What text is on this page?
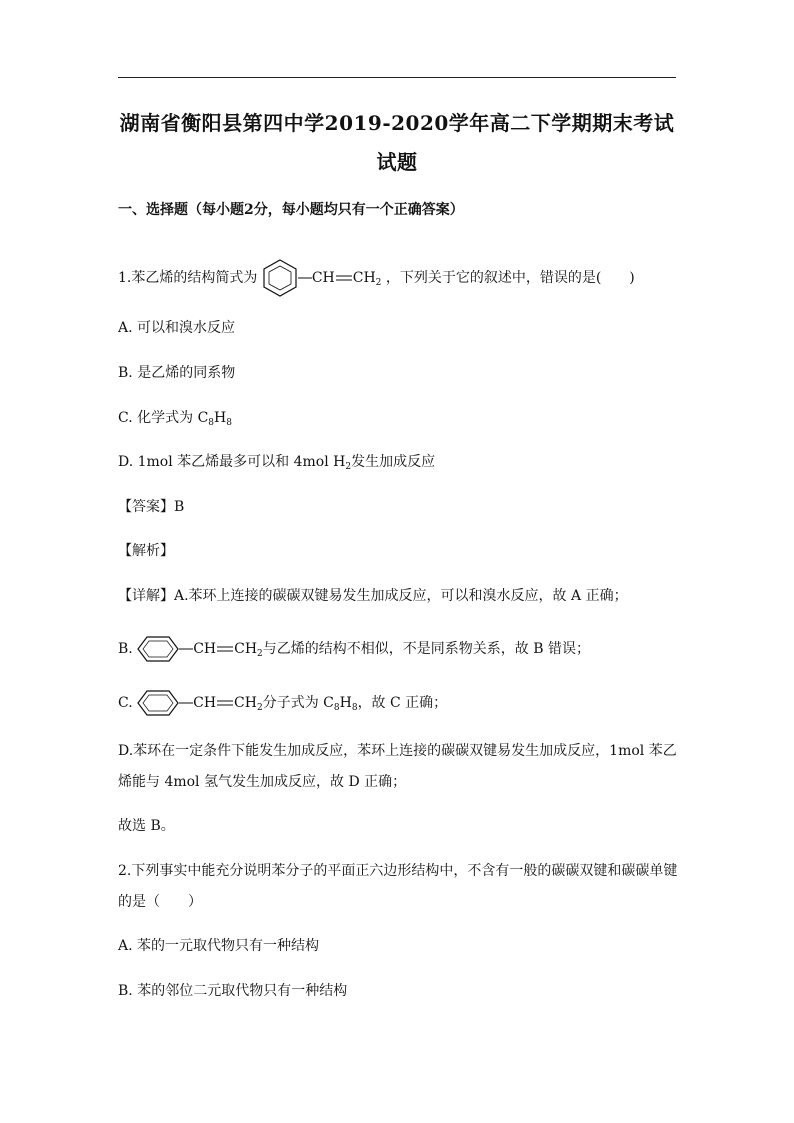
湖南省衡阳县第四中学2019-2020学年高二下学期期末考试
试题
一、选择题（每小题2分，每小题均只有一个正确答案）
1.苯乙烯的结构简式为	CH $CH_2$ ，下列关于它的叙述中，错误的是(　　)
A. 可以和溴水反应
B. 是乙烯的同系物
C. 化学式为 $C_8H_8$
D. 1mol 苯乙烯最多可以和 4mol $H_2$发生加成反应
【答案】B
【解析】
【详解】A.苯环上连接的碳碳双键易发生加成反应，可以和溴水反应，故 A 正确；
B.	CH $CH_2$与乙烯的结构不相似，不是同系物关系，故 B 错误；
C.	CH $CH_2$分子式为 $C_8H_8$，故 C 正确；
D.苯环在一定条件下能发生加成反应，苯环上连接的碳碳双键易发生加成反应，1mol 苯乙
烯能与 4mol 氢气发生加成反应，故 D 正确；
故选 B。
2.下列事实中能充分说明苯分子的平面正六边形结构中，不含有一般的碳碳双键和碳碳单键
的是（　　）
A. 苯的一元取代物只有一种结构
B. 苯的邻位二元取代物只有一种结构
